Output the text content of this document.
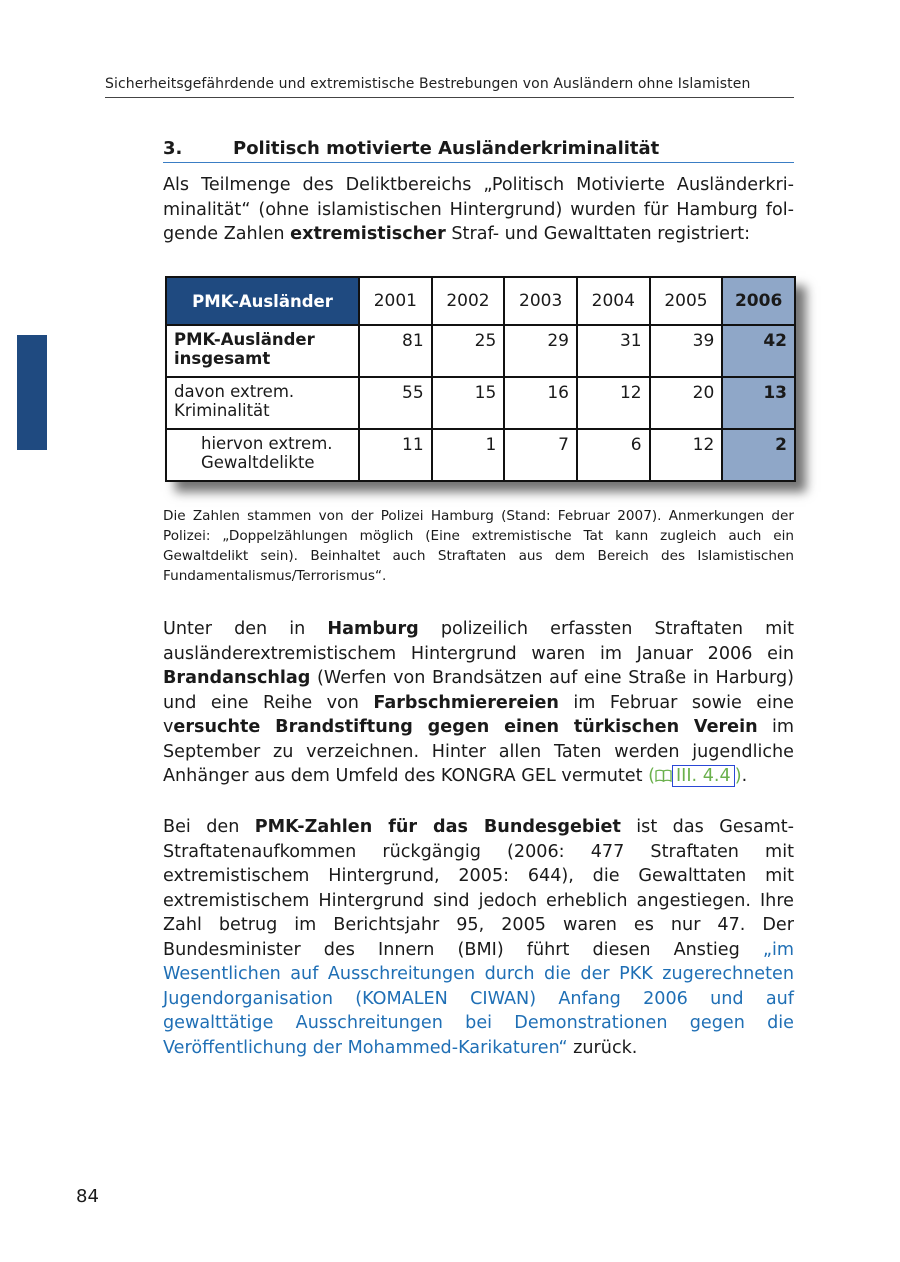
Sicherheitsgefährdende und extremistische Bestrebungen von Ausländern ohne Islamisten
3.	Politisch motivierte Ausländerkriminalität

Als Teilmenge des Deliktbereichs „Politisch Motivierte Ausländerkriminalität“ (ohne islamistischen Hintergrund) wurden für Hamburg folgende Zahlen extremistischer Straf- und Gewalttaten registriert:

PMK-Ausländer	2001	2002	2003	2004	2005	2006
PMK-Ausländer insgesamt	81	25	29	31	39	42
davon extrem. Kriminalität	55	15	16	12	20	13
hiervon extrem. Gewaltdelikte	11	1	7	6	12	2

Die Zahlen stammen von der Polizei Hamburg (Stand: Februar 2007). Anmerkungen der Polizei: „Doppelzählungen möglich (Eine extremistische Tat kann zugleich auch ein Gewaltdelikt sein). Beinhaltet auch Straftaten aus dem Bereich des Islamistischen Fundamentalismus/Terrorismus“.

Unter den in Hamburg polizeilich erfassten Straftaten mit ausländerextremistischem Hintergrund waren im Januar 2006 ein Brandanschlag (Werfen von Brandsätzen auf eine Straße in Harburg) und eine Reihe von Farbschmierereien im Februar sowie eine versuchte Brandstiftung gegen einen türkischen Verein im September zu verzeichnen. Hinter allen Taten werden jugendliche Anhänger aus dem Umfeld des KONGRA GEL vermutet ( III. 4.4 ).

Bei den PMK-Zahlen für das Bundesgebiet ist das Gesamt-Straftatenaufkommen rückgängig (2006: 477 Straftaten mit extremistischem Hintergrund, 2005: 644), die Gewalttaten mit extremistischem Hintergrund sind jedoch erheblich angestiegen. Ihre Zahl betrug im Berichtsjahr 95, 2005 waren es nur 47. Der Bundesminister des Innern (BMI) führt diesen Anstieg „im Wesentlichen auf Ausschreitungen durch die der PKK zugerechneten Jugendorganisation (KOMALEN CIWAN) Anfang 2006 und auf gewalttätige Ausschreitungen bei Demonstrationen gegen die Veröffentlichung der Mohammed-Karikaturen“ zurück.

84
